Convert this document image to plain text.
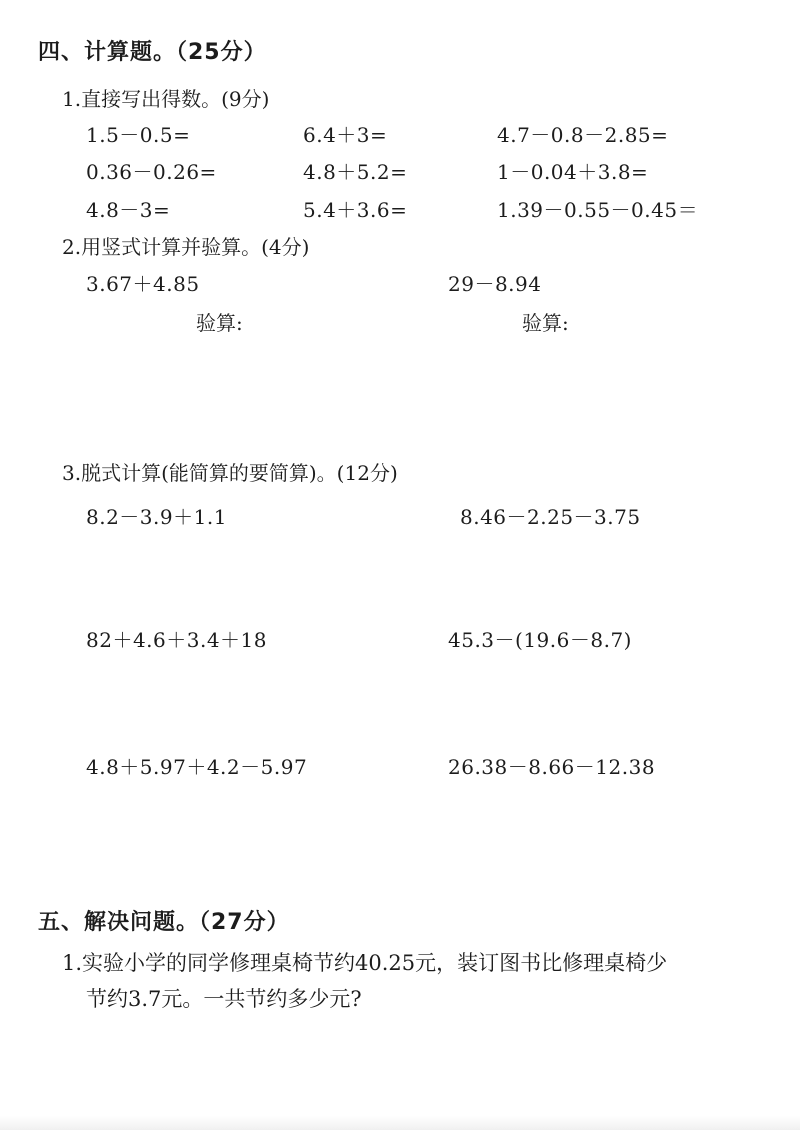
四、计算题。（25分）
1.直接写出得数。(9分)
1.5－0.5=	6.4＋3=	4.7－0.8－2.85=
0.36－0.26=	4.8＋5.2=	1－0.04＋3.8=
4.8－3=	5.4＋3.6=	1.39－0.55－0.45＝
2.用竖式计算并验算。(4分)
3.67＋4.85	29－8.94
验算:	验算:
3.脱式计算(能简算的要简算)。(12分)
8.2－3.9＋1.1	8.46－2.25－3.75
82＋4.6＋3.4＋18	45.3－(19.6－8.7)
4.8＋5.97＋4.2－5.97	26.38－8.66－12.38
五、解决问题。（27分）
1.实验小学的同学修理桌椅节约40.25元，装订图书比修理桌椅少
节约3.7元。一共节约多少元?
